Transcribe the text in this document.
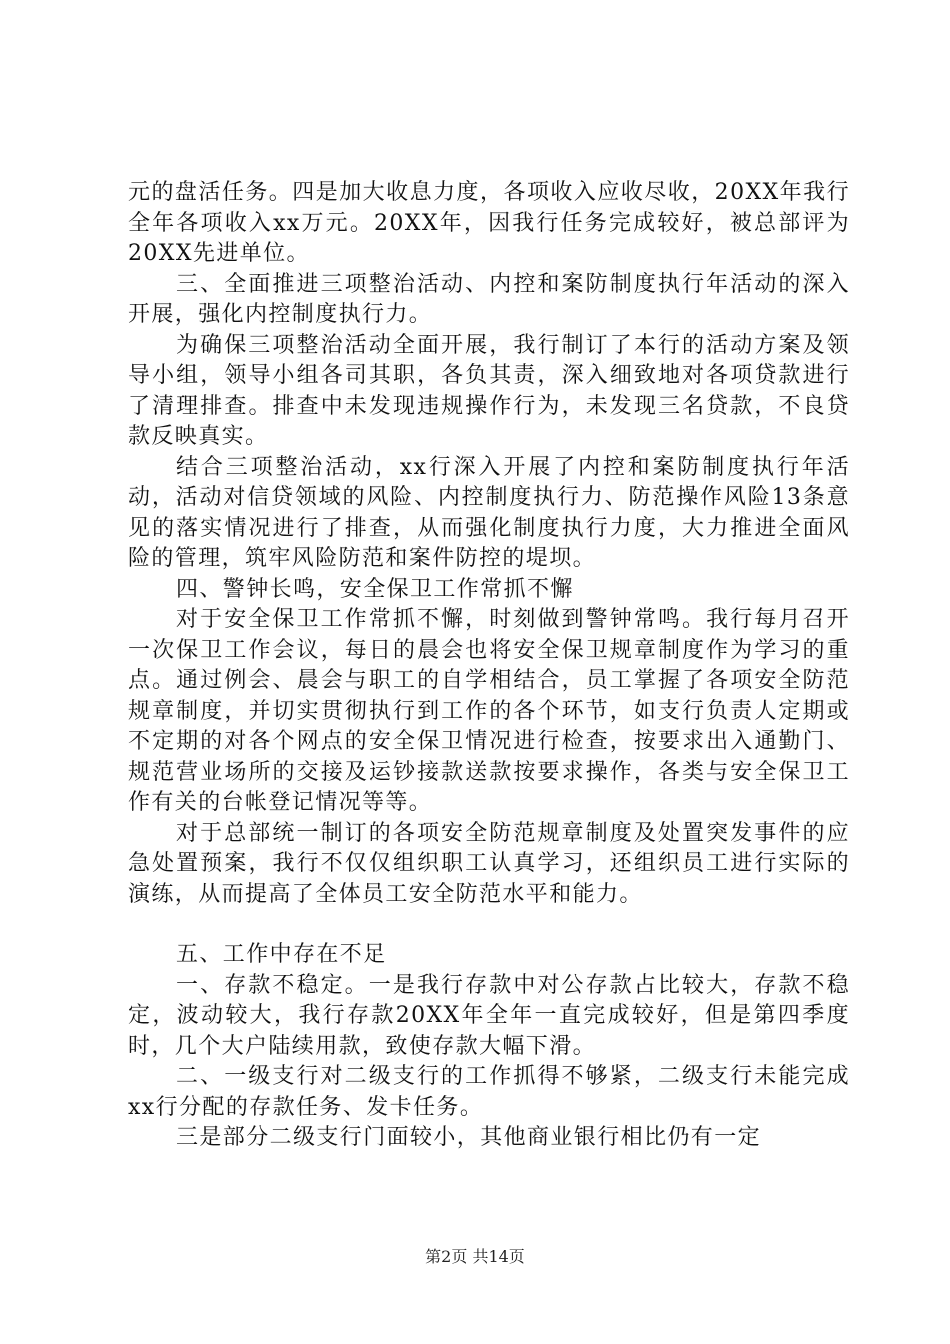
元的盘活任务。四是加大收息力度，各项收入应收尽收，20XX年我行全年各项收入xx万元。20XX年，因我行任务完成较好，被总部评为20XX先进单位。

三、全面推进三项整治活动、内控和案防制度执行年活动的深入开展，强化内控制度执行力。

为确保三项整治活动全面开展，我行制订了本行的活动方案及领导小组，领导小组各司其职，各负其责，深入细致地对各项贷款进行了清理排查。排查中未发现违规操作行为，未发现三名贷款，不良贷款反映真实。

结合三项整治活动，xx行深入开展了内控和案防制度执行年活动，活动对信贷领域的风险、内控制度执行力、防范操作风险13条意见的落实情况进行了排查，从而强化制度执行力度，大力推进全面风险的管理，筑牢风险防范和案件防控的堤坝。

四、警钟长鸣，安全保卫工作常抓不懈

对于安全保卫工作常抓不懈，时刻做到警钟常鸣。我行每月召开一次保卫工作会议，每日的晨会也将安全保卫规章制度作为学习的重点。通过例会、晨会与职工的自学相结合，员工掌握了各项安全防范规章制度，并切实贯彻执行到工作的各个环节，如支行负责人定期或不定期的对各个网点的安全保卫情况进行检查，按要求出入通勤门、规范营业场所的交接及运钞接款送款按要求操作，各类与安全保卫工作有关的台帐登记情况等等。

对于总部统一制订的各项安全防范规章制度及处置突发事件的应急处置预案，我行不仅仅组织职工认真学习，还组织员工进行实际的演练，从而提高了全体员工安全防范水平和能力。

五、工作中存在不足

一、存款不稳定。一是我行存款中对公存款占比较大，存款不稳定，波动较大，我行存款20XX年全年一直完成较好，但是第四季度时，几个大户陆续用款，致使存款大幅下滑。

二、一级支行对二级支行的工作抓得不够紧，二级支行未能完成xx行分配的存款任务、发卡任务。

三是部分二级支行门面较小，其他商业银行相比仍有一定

第2页 共14页
